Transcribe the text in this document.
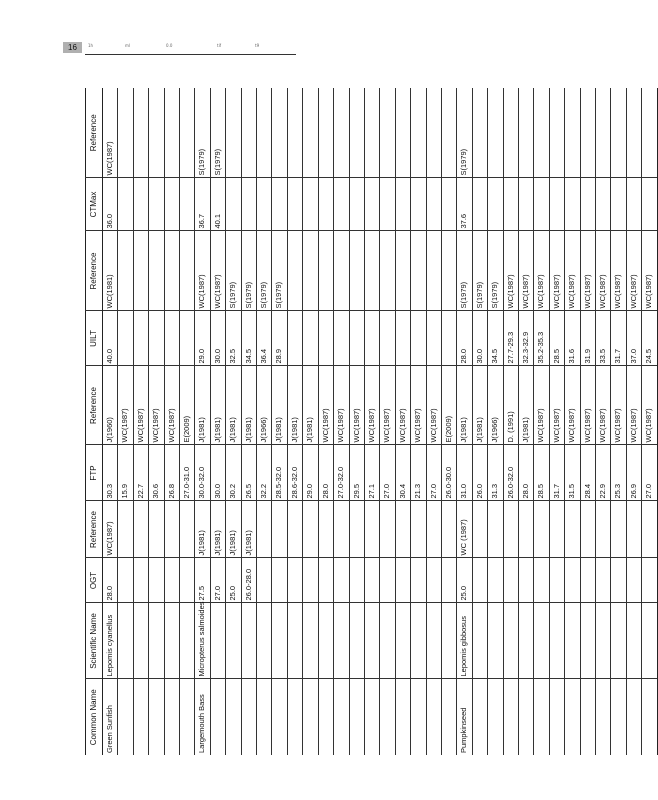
16	1h	ml	0.0	tif	t9
Common Name	Scientific Name	OGT	Reference	FTP	Reference	UILT	Reference	CTMax	Reference
Green Sunfish	Lepomis cyanellus	28.0	WC(1987)	30.3	J(1960)	40.0	WC(1981)	36.0	WC(1987)
				15.9	WC(1987)				
				22.7	WC(1987)				
				30.6	WC(1987)				
				26.8	WC(1987)				
				27.0-31.0	E(2009)				
Largemouth Bass	Micropterus salmoides	27.5	J(1981)	30.0-32.0	J(1981)	29.0	WC(1987)	36.7	S(1979)
		27.0	J(1981)	30.0	J(1981)	30.0	WC(1987)	40.1	S(1979)
		25.0	J(1981)	30.2	J(1981)	32.5	S(1979)		
		26.0-28.0	J(1981)	26.5	J(1981)	34.5	S(1979)		
				32.2	J(1966)	36.4	S(1979)		
				28.5-32.0	J(1981)	28.9	S(1979)		
				28.6-32.0	J(1981)				
				29.0	J(1981)				
				28.0	WC(1987)				
				27.0-32.0	WC(1987)				
				29.5	WC(1987)				
				27.1	WC(1987)				
				27.0	WC(1987)				
				30.4	WC(1987)				
				21.3	WC(1987)				
				27.0	WC(1987)				
				26.0-30.0	E(2009)				
Pumpkinseed	Lepomis gibbosus	25.0	WC (1987)	31.0	J(1981)	28.0	S(1979)	37.6	S(1979)
				26.0	J(1981)	30.0	S(1979)		
				31.3	J(1966)	34.5	S(1979)		
				26.0-32.0	D. (1991)	27.7-29.3	WC(1987)		
				28.0	J(1981)	32.3-32.9	WC(1987)		
				28.5	WC(1987)	35.2-35.3	WC(1987)		
				31.7	WC(1987)	28.5	WC(1987)		
				31.5	WC(1987)	31.6	WC(1987)		
				28.4	WC(1987)	31.9	WC(1987)		
				22.9	WC(1987)	33.5	WC(1987)		
				25.3	WC(1987)	31.7	WC(1987)		
				26.9	WC(1987)	37.0	WC(1987)		
				27.0	WC(1987)	24.5	WC(1987)		
